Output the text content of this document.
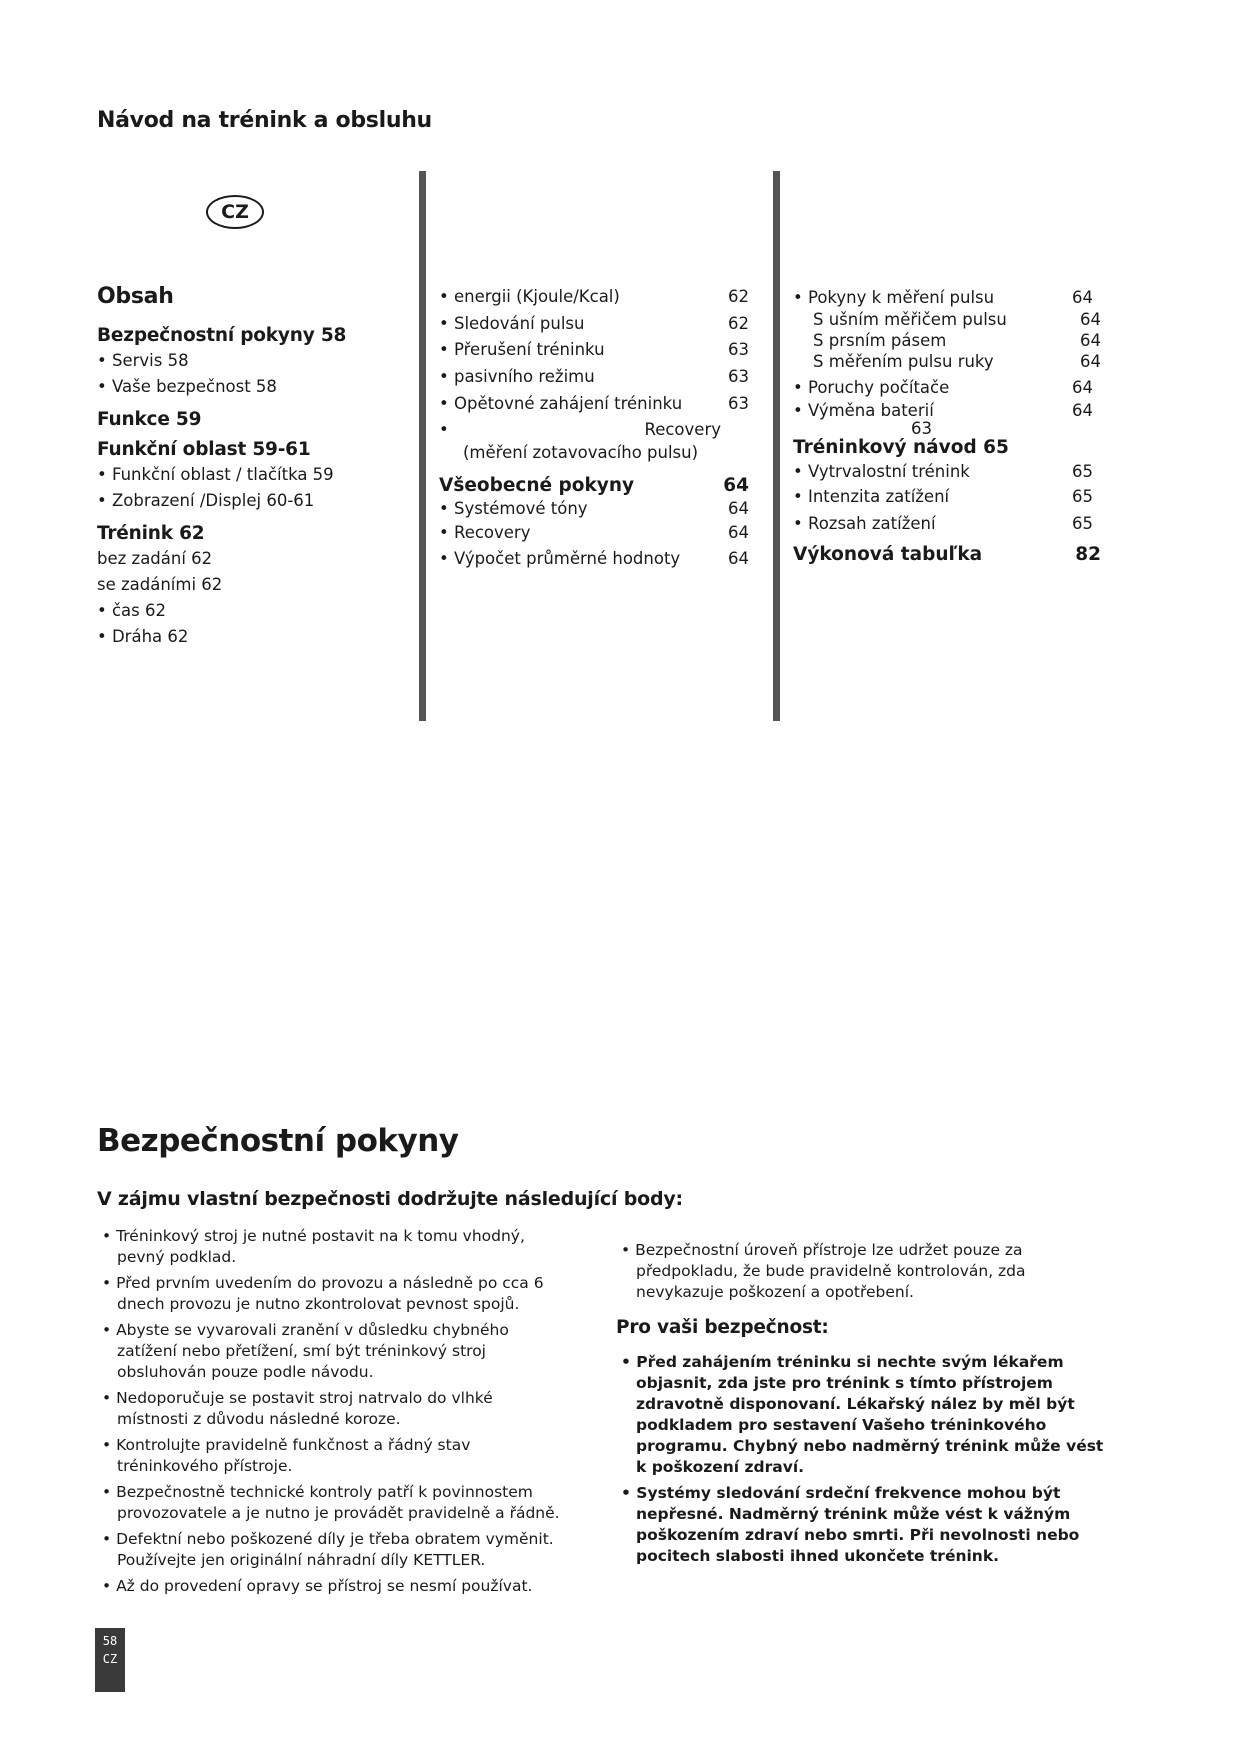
Návod na trénink a obsluhu
CZ
Obsah
Bezpečnostní pokyny 58
• Servis 58
• Vaše bezpečnost 58
Funkce 59
Funkční oblast 59-61
• Funkční oblast / tlačítka 59
• Zobrazení /Displej 60-61
Trénink 62
bez zadání 62
se zadáními 62
• čas 62
• Dráha 62
• energii (Kjoule/Kcal)	62
• Sledování pulsu	62
• Přerušení tréninku	63
• pasivního režimu	63
• Opětovné zahájení tréninku	63
•	Recovery
(měření zotavovacího pulsu)
Všeobecné pokyny	64
• Systémové tóny	64
• Recovery	64
• Výpočet průměrné hodnoty	64
• Pokyny k měření pulsu	64
S ušním měřičem pulsu	64
S prsním pásem	64
S měřením pulsu ruky	64
• Poruchy počítače	64
• Výměna baterií	64
63
Tréninkový návod 65
• Vytrvalostní trénink	65
• Intenzita zatížení	65
• Rozsah zatížení	65
Výkonová tabuľka	82
Bezpečnostní pokyny
V zájmu vlastní bezpečnosti dodržujte následující body:
• Tréninkový stroj je nutné postavit na k tomu vhodný, pevný podklad.
• Před prvním uvedením do provozu a následně po cca 6 dnech provozu je nutno zkontrolovat pevnost spojů.
• Abyste se vyvarovali zranění v důsledku chybného zatížení nebo přetížení, smí být tréninkový stroj obsluhován pouze podle návodu.
• Nedoporučuje se postavit stroj natrvalo do vlhké místnosti z důvodu následné koroze.
• Kontrolujte pravidelně funkčnost a řádný stav tréninkového přístroje.
• Bezpečnostně technické kontroly patří k povinnostem provozovatele a je nutno je provádět pravidelně a řádně.
• Defektní nebo poškozené díly je třeba obratem vyměnit. Používejte jen originální náhradní díly KETTLER.
• Až do provedení opravy se přístroj se nesmí používat.
• Bezpečnostní úroveň přístroje lze udržet pouze za předpokladu, že bude pravidelně kontrolován, zda nevykazuje poškození a opotřebení.
Pro vaši bezpečnost:
• Před zahájením tréninku si nechte svým lékařem objasnit, zda jste pro trénink s tímto přístrojem zdravotně disponovaní. Lékařský nález by měl být podkladem pro sestavení Vašeho tréninkového programu. Chybný nebo nadměrný trénink může vést k poškození zdraví.
• Systémy sledování srdeční frekvence mohou být nepřesné. Nadměrný trénink může vést k vážným poškozením zdraví nebo smrti. Při nevolnosti nebo pocitech slabosti ihned ukončete trénink.
58
CZ
